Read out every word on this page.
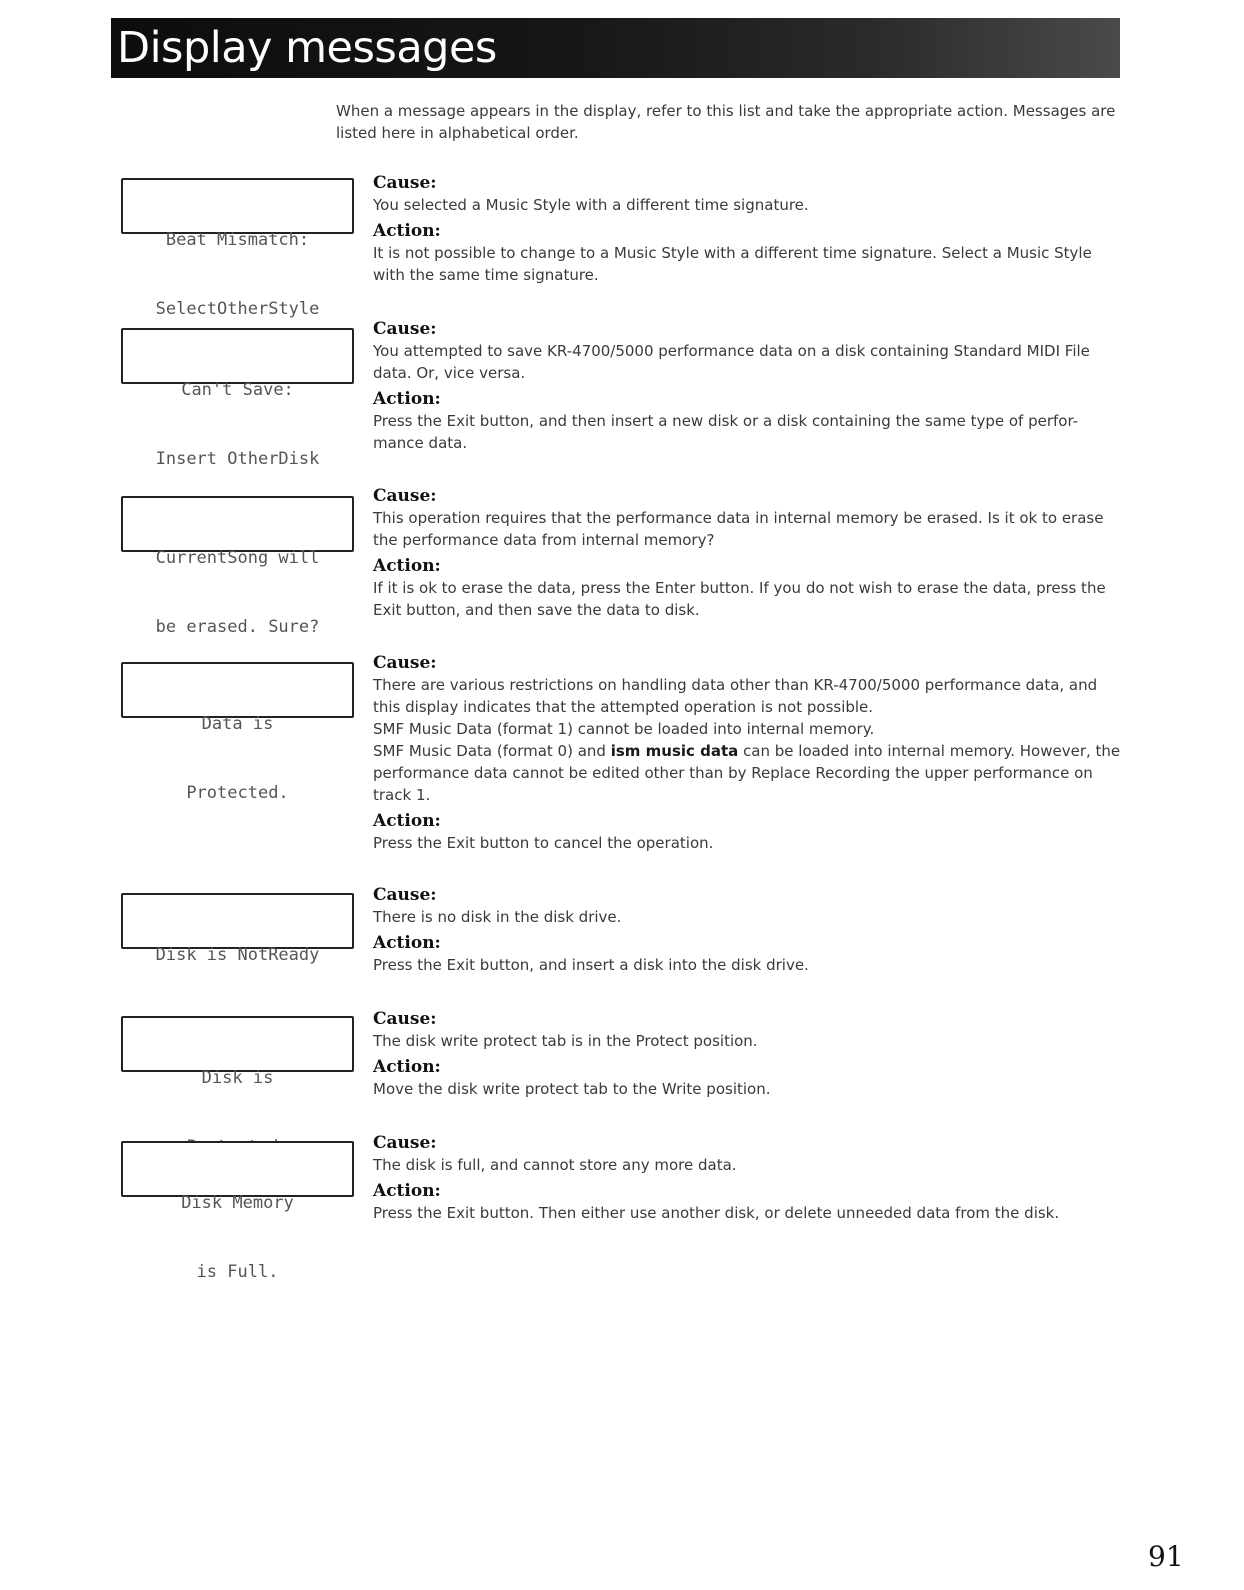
Display messages

When a message appears in the display, refer to this list and take the appropriate action. Messages are listed here in alphabetical order.

Beat Mismatch:

SelectOtherStyle

Cause:
You selected a Music Style with a different time signature.
Action:
It is not possible to change to a Music Style with a different time signature. Select a Music Style with the same time signature.

Can't Save:

Insert OtherDisk

Cause:
You attempted to save KR-4700/5000 performance data on a disk containing Standard MIDI File data. Or, vice versa.
Action:
Press the Exit button, and then insert a new disk or a disk containing the same type of perfor-mance data.

CurrentSong will

be erased. Sure?

Cause:
This operation requires that the performance data in internal memory be erased. Is it ok to erase the performance data from internal memory?
Action:
If it is ok to erase the data, press the Enter button. If you do not wish to erase the data, press the Exit button, and then save the data to disk.

Data is

Protected.

Cause:
There are various restrictions on handling data other than KR-4700/5000 performance data, and this display indicates that the attempted operation is not possible.
SMF Music Data (format 1) cannot be loaded into internal memory.
SMF Music Data (format 0) and ism music data can be loaded into internal memory. However, the performance data cannot be edited other than by Replace Recording the upper performance on track 1.
Action:
Press the Exit button to cancel the operation.

Disk is NotReady

Cause:
There is no disk in the disk drive.
Action:
Press the Exit button, and insert a disk into the disk drive.

Disk is

Cause:
The disk write protect tab is in the Protect position.
Action:
Move the disk write protect tab to the Write position.

Disk Memory

is Full.

Cause:
The disk is full, and cannot store any more data.
Action:
Press the Exit button. Then either use another disk, or delete unneeded data from the disk.
91
